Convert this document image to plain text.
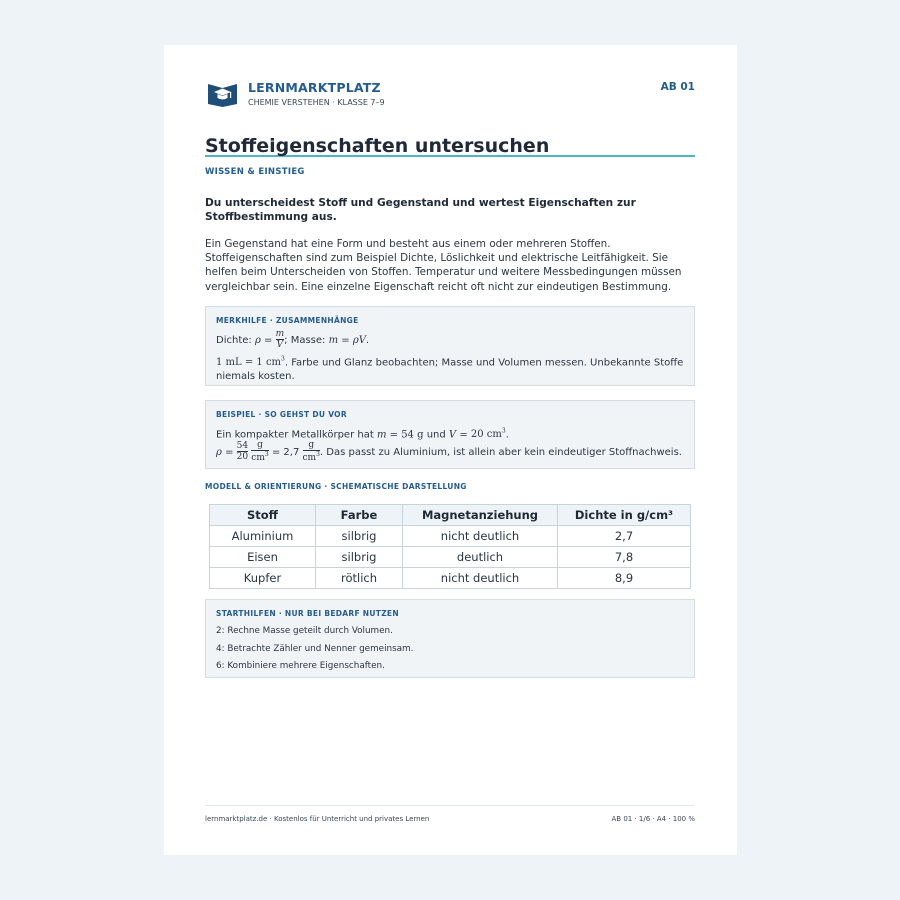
LERNMARKTPLATZ
CHEMIE VERSTEHEN · KLASSE 7–9
AB 01
Stoffeigenschaften untersuchen
WISSEN & EINSTIEG
Du unterscheidest Stoff und Gegenstand und wertest Eigenschaften zur Stoffbestimmung aus.
Ein Gegenstand hat eine Form und besteht aus einem oder mehreren Stoffen. Stoffeigenschaften sind zum Beispiel Dichte, Löslichkeit und elektrische Leitfähigkeit. Sie helfen beim Unterscheiden von Stoffen. Temperatur und weitere Messbedingungen müssen vergleichbar sein. Eine einzelne Eigenschaft reicht oft nicht zur eindeutigen Bestimmung.
MERKHILFE · ZUSAMMENHÄNGE
Dichte: $\rho = \frac{m}{V}$ ; Masse: m = ρV.
1 mL = 1 $cm^3$. Farbe und Glanz beobachten; Masse und Volumen messen. Unbekannte Stoffe niemals kosten.
BEISPIEL · SO GEHST DU VOR
Ein kompakter Metallkörper hat m = 54 g und V = 20 $cm^3$.
$\rho = \frac{54}{20}$
$\frac{g}{cm^3} = 2,7 \frac{g}{cm^3}$ . Das passt zu Aluminium, ist allein aber kein eindeutiger Stoffnachweis.
MODELL & ORIENTIERUNG · SCHEMATISCHE DARSTELLUNG
Stoff	Farbe	Magnetanziehung	Dichte in g/cm³
Aluminium	silbrig	nicht deutlich	2,7
Eisen	silbrig	deutlich	7,8
Kupfer	rötlich	nicht deutlich	8,9
STARTHILFEN · NUR BEI BEDARF NUTZEN
2: Rechne Masse geteilt durch Volumen.
4: Betrachte Zähler und Nenner gemeinsam.
6: Kombiniere mehrere Eigenschaften.
lernmarktplatz.de · Kostenlos für Unterricht und privates Lernen	AB 01 · 1/6 · A4 · 100 %
